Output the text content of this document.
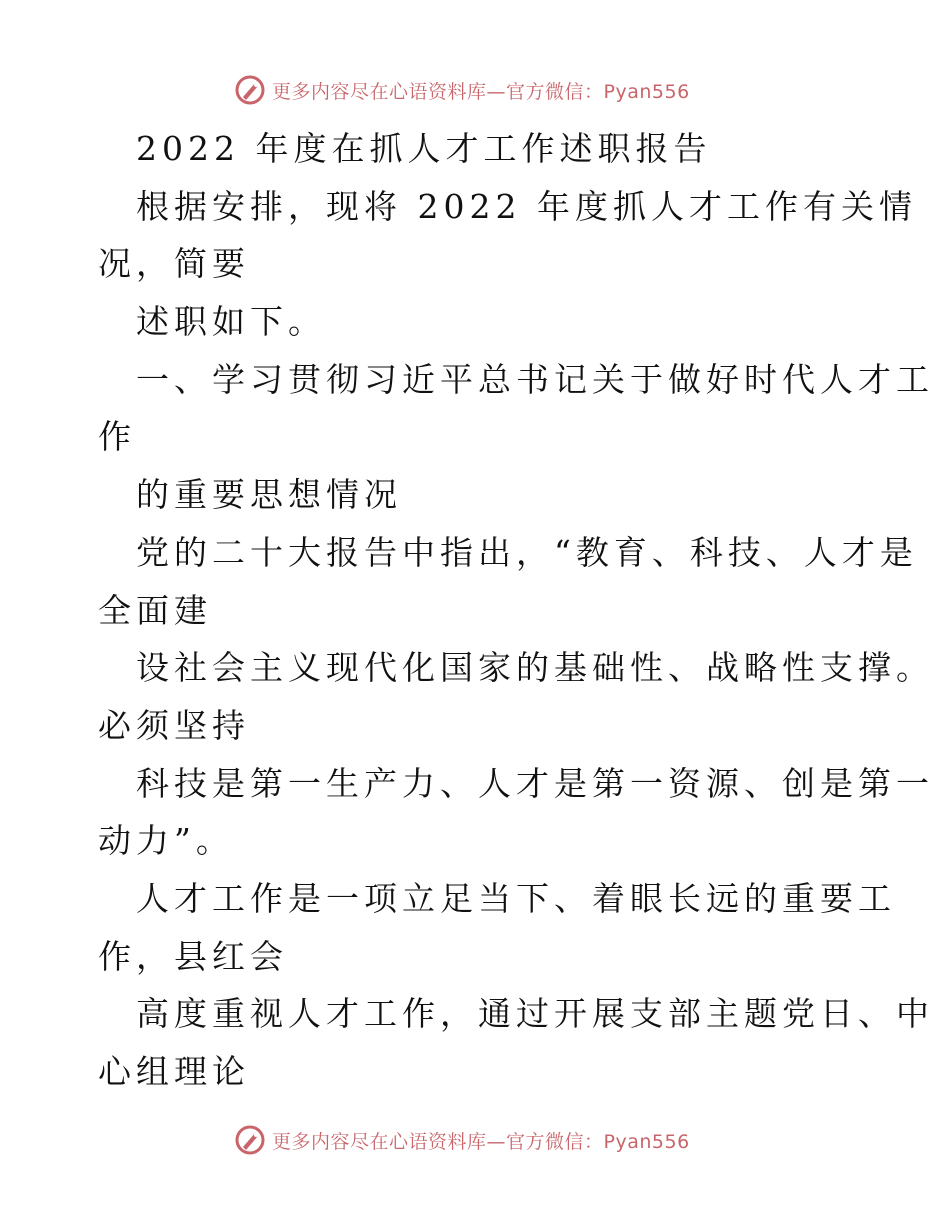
更多内容尽在心语资料库—官方微信：Pyan556
2022 年度在抓人才工作述职报告
根据安排，现将 2022 年度抓人才工作有关情
况，简要
述职如下。
一、学习贯彻习近平总书记关于做好时代人才工
作
的重要思想情况
党的二十大报告中指出，“教育、科技、人才是
全面建
设社会主义现代化国家的基础性、战略性支撑。
必须坚持
科技是第一生产力、人才是第一资源、创是第一
动力”。
人才工作是一项立足当下、着眼长远的重要工
作，县红会
高度重视人才工作，通过开展支部主题党日、中
心组理论
更多内容尽在心语资料库—官方微信：Pyan556
